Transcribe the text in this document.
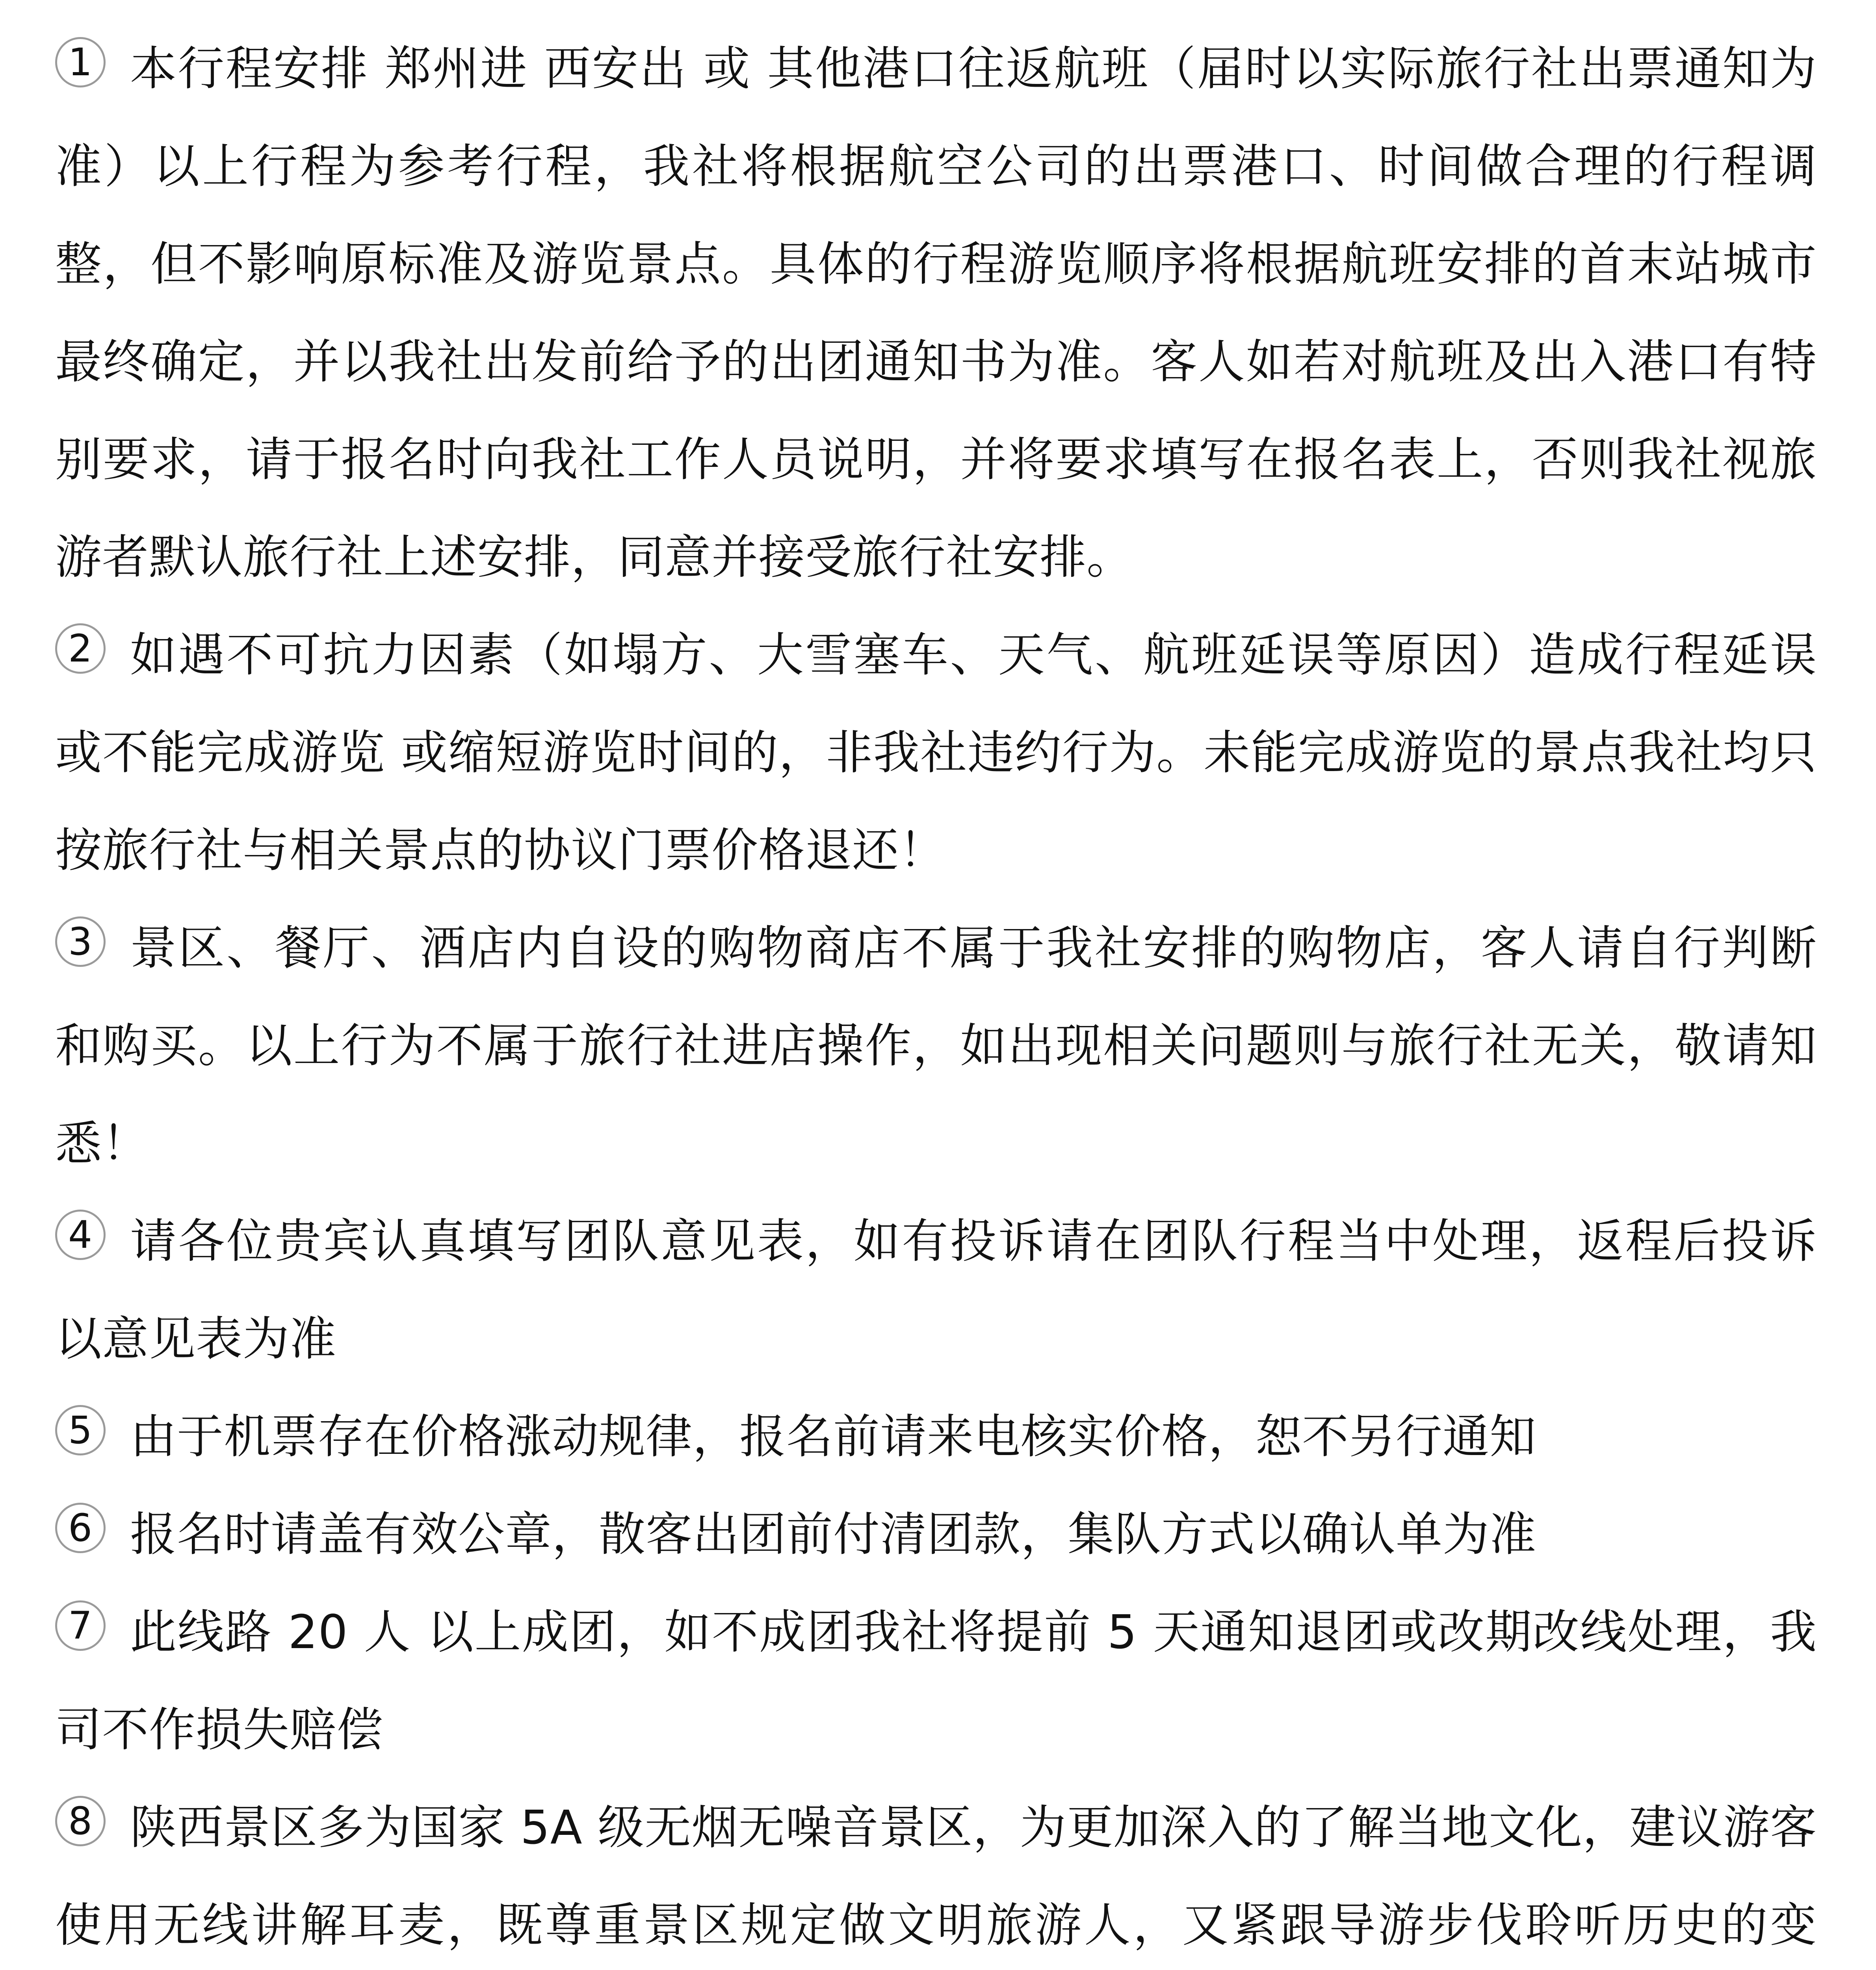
1 本行程安排 郑州进 西安出 或 其他港口往返航班（届时以实际旅行社出票通知为准）以上行程为参考行程，我社将根据航空公司的出票港口、时间做合理的行程调整，但不影响原标准及游览景点。具体的行程游览顺序将根据航班安排的首末站城市最终确定，并以我社出发前给予的出团通知书为准。客人如若对航班及出入港口有特别要求，请于报名时向我社工作人员说明，并将要求填写在报名表上，否则我社视旅游者默认旅行社上述安排，同意并接受旅行社安排。
2 如遇不可抗力因素（如塌方、大雪塞车、天气、航班延误等原因）造成行程延误 或不能完成游览 或缩短游览时间的，非我社违约行为。未能完成游览的景点我社均只按旅行社与相关景点的协议门票价格退还！
3 景区、餐厅、酒店内自设的购物商店不属于我社安排的购物店，客人请自行判断和购买。以上行为不属于旅行社进店操作，如出现相关问题则与旅行社无关，敬请知悉！
4 请各位贵宾认真填写团队意见表，如有投诉请在团队行程当中处理，返程后投诉以意见表为准
5 由于机票存在价格涨动规律，报名前请来电核实价格，恕不另行通知
6 报名时请盖有效公章，散客出团前付清团款，集队方式以确认单为准
7 此线路 20 人 以上成团，如不成团我社将提前 5 天通知退团或改期改线处理，我司不作损失赔偿
8 陕西景区多为国家 5A 级无烟无噪音景区，为更加深入的了解当地文化，建议游客使用无线讲解耳麦，既尊重景区规定做文明旅游人，又紧跟导游步伐聆听历史的变
